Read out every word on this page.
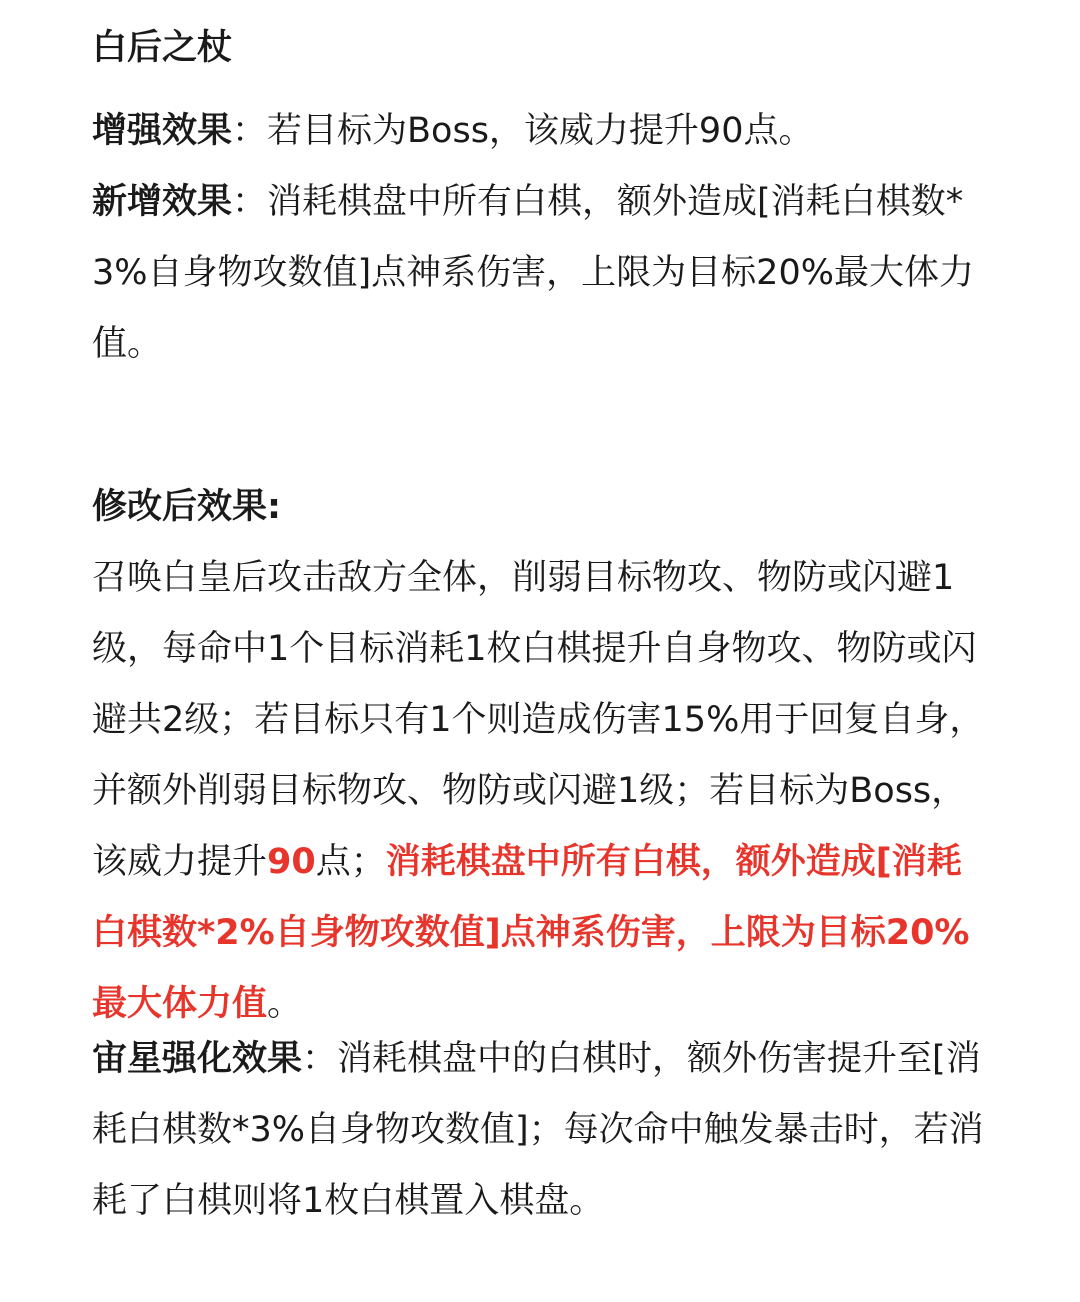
白后之杖
增强效果：若目标为Boss，该威力提升90点。
新增效果：消耗棋盘中所有白棋，额外造成[消耗白棋数*3%自身物攻数值]点神系伤害，上限为目标20%最大体力值。
修改后效果:
召唤白皇后攻击敌方全体，削弱目标物攻、物防或闪避1级，每命中1个目标消耗1枚白棋提升自身物攻、物防或闪避共2级；若目标只有1个则造成伤害15%用于回复自身，并额外削弱目标物攻、物防或闪避1级；若目标为Boss，该威力提升90点；消耗棋盘中所有白棋，额外造成[消耗白棋数*2%自身物攻数值]点神系伤害，上限为目标20%最大体力值。
宙星强化效果：消耗棋盘中的白棋时，额外伤害提升至[消耗白棋数*3%自身物攻数值]；每次命中触发暴击时，若消耗了白棋则将1枚白棋置入棋盘。
